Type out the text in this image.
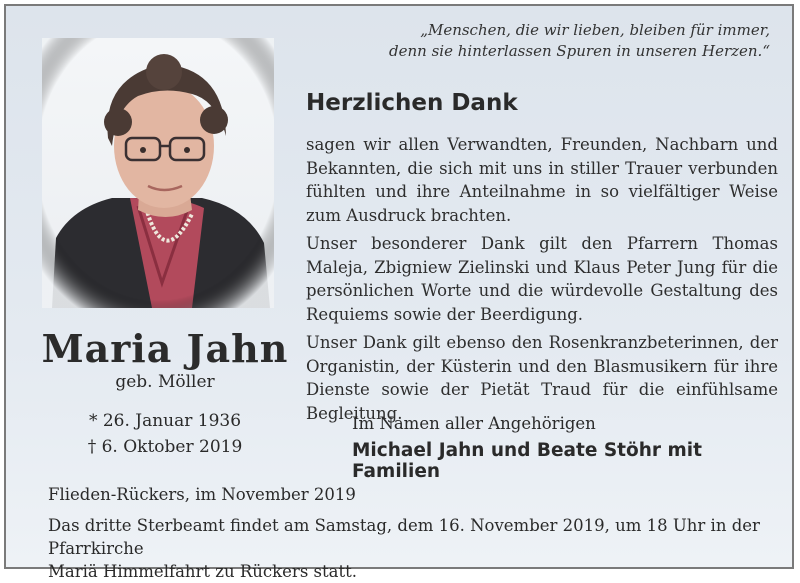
„Menschen, die wir lieben, bleiben für immer,
denn sie hinterlassen Spuren in unseren Herzen.“
Maria Jahn
geb. Möller
* 26. Januar 1936
† 6. Oktober 2019
Herzlichen Dank

sagen wir allen Verwandten, Freunden, Nachbarn und Bekannten, die sich mit uns in stiller Trauer verbunden fühlten und ihre Anteilnahme in so vielfältiger Weise zum Ausdruck brachten.

Unser besonderer Dank gilt den Pfarrern Thomas Maleja, Zbigniew Zielinski und Klaus Peter Jung für die persönlichen Worte und die würdevolle Gestaltung des Requiems sowie der Beerdigung.

Unser Dank gilt ebenso den Rosenkranzbeterinnen, der Organistin, der Küsterin und den Blasmusikern für ihre Dienste sowie der Pietät Traud für die einfühlsame Begleitung.

Im Namen aller Angehörigen
Michael Jahn und Beate Stöhr mit Familien
Flieden-Rückers, im November 2019
Das dritte Sterbeamt findet am Samstag, dem 16. November 2019, um 18 Uhr in der Pfarrkirche
Mariä Himmelfahrt zu Rückers statt.
